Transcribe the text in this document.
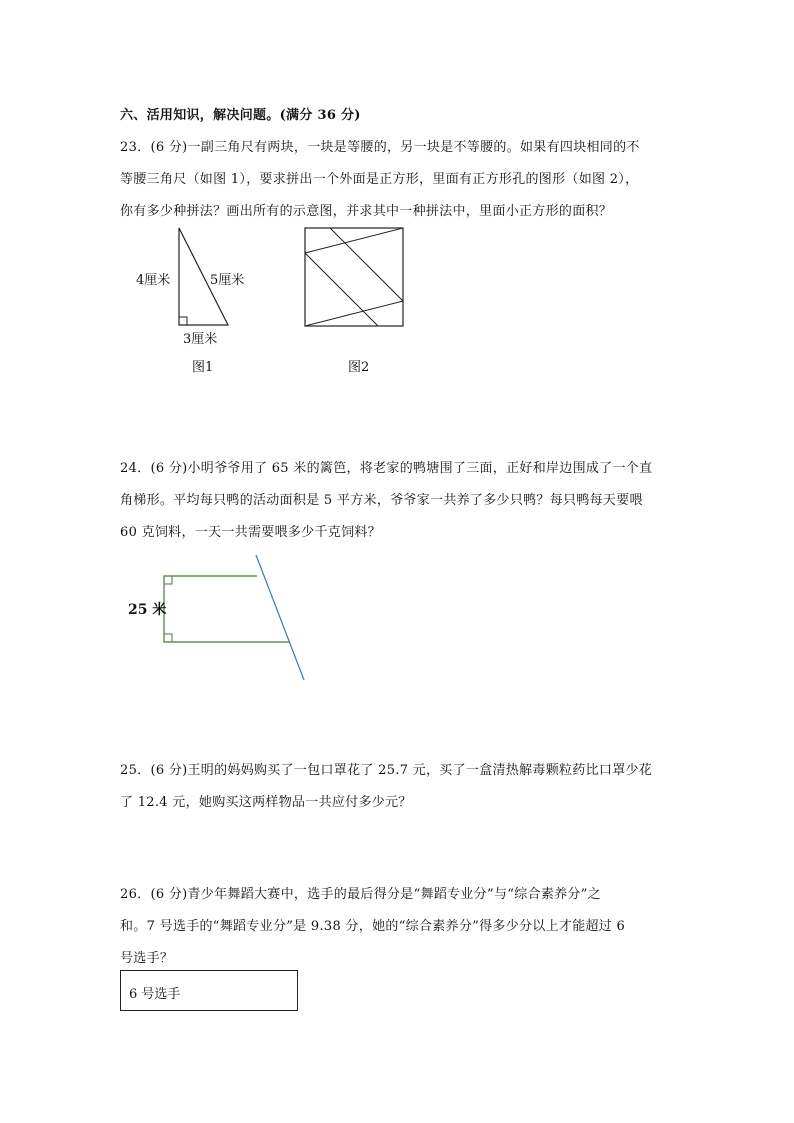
六、活用知识，解决问题。(满分 36 分)
23．(6 分)一副三角尺有两块，一块是等腰的，另一块是不等腰的。如果有四块相同的不
等腰三角尺（如图 1），要求拼出一个外面是正方形，里面有正方形孔的图形（如图 2），
你有多少种拼法？画出所有的示意图，并求其中一种拼法中，里面小正方形的面积？
4厘米	5厘米
3厘米
图1	图2
24．(6 分)小明爷爷用了 65 米的篱笆，将老家的鸭塘围了三面，正好和岸边围成了一个直
角梯形。平均每只鸭的活动面积是 5 平方米，爷爷家一共养了多少只鸭？每只鸭每天要喂
60 克饲料，一天一共需要喂多少千克饲料？
25 米
25．(6 分)王明的妈妈购买了一包口罩花了 25.7 元，买了一盒清热解毒颗粒药比口罩少花
了 12.4 元，她购买这两样物品一共应付多少元？
26．(6 分)青少年舞蹈大赛中，选手的最后得分是“舞蹈专业分”与“综合素养分”之
和。7 号选手的“舞蹈专业分”是 9.38 分，她的“综合素养分”得多少分以上才能超过 6
号选手？
6 号选手
